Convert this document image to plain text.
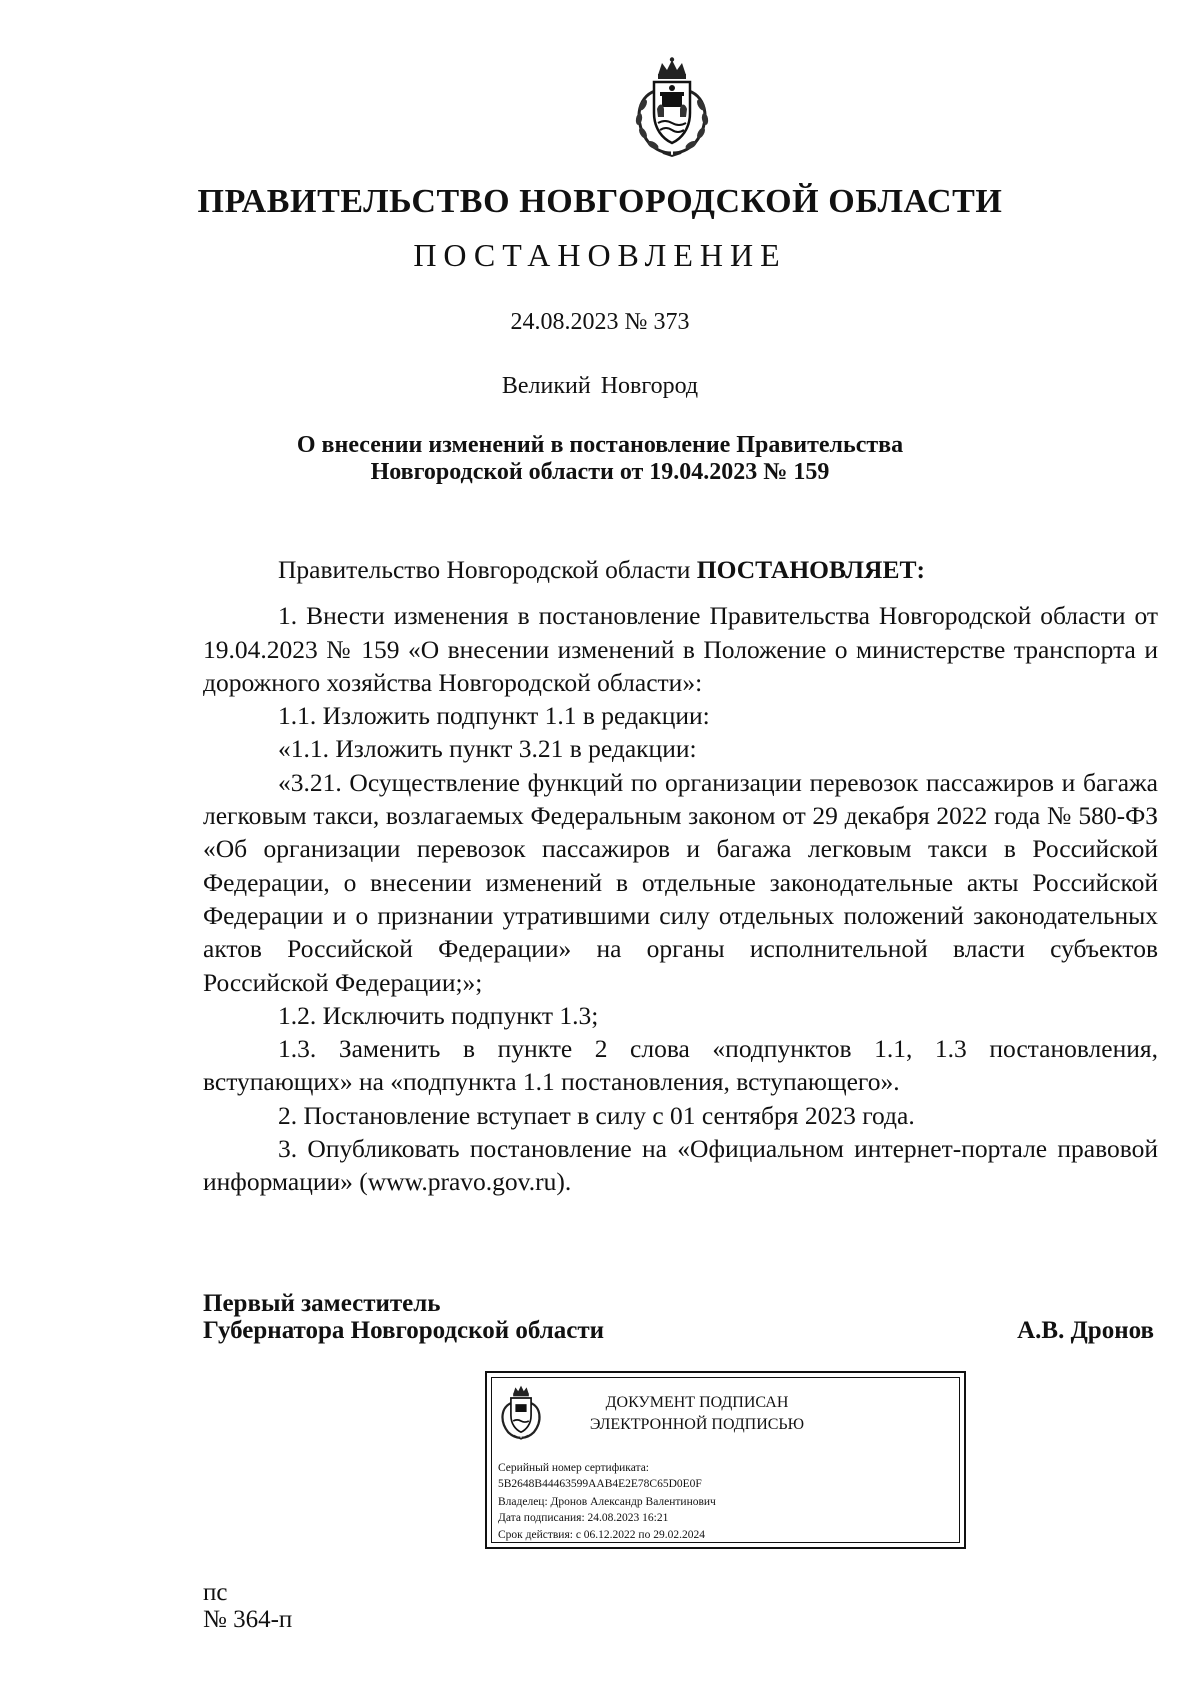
ПРАВИТЕЛЬСТВО НОВГОРОДСКОЙ ОБЛАСТИ
ПОСТАНОВЛЕНИЕ
24.08.2023 № 373
Великий Новгород
О внесении изменений в постановление Правительства
Новгородской области от 19.04.2023 № 159

Правительство Новгородской области ПОСТАНОВЛЯЕТ:

1. Внести изменения в постановление Правительства Новгородской области от 19.04.2023 № 159 «О внесении изменений в Положение о министерстве транспорта и дорожного хозяйства Новгородской области»:

1.1. Изложить подпункт 1.1 в редакции:

«1.1. Изложить пункт 3.21 в редакции:

«3.21. Осуществление функций по организации перевозок пассажиров и багажа легковым такси, возлагаемых Федеральным законом от 29 декабря 2022 года № 580-ФЗ «Об организации перевозок пассажиров и багажа легковым такси в Российской Федерации, о внесении изменений в отдельные законодательные акты Российской Федерации и о признании утратившими силу отдельных положений законодательных актов Российской Федерации» на органы исполнительной власти субъектов Российской Федерации;»;

1.2. Исключить подпункт 1.3;

1.3. Заменить в пункте 2 слова «подпунктов 1.1, 1.3 постановления, вступающих» на «подпункта 1.1 постановления, вступающего».

2. Постановление вступает в силу с 01 сентября 2023 года.

3. Опубликовать постановление на «Официальном интернет-портале правовой информации» (www.pravo.gov.ru).

Первый заместитель
Губернатора Новгородской области	А.В. Дронов
ДОКУМЕНТ ПОДПИСАН
ЭЛЕКТРОННОЙ ПОДПИСЬЮ
Серийный номер сертификата:
5B2648B44463599AAB4E2E78C65D0E0F
Владелец: Дронов Александр Валентинович
Дата подписания: 24.08.2023 16:21
Срок действия: с 06.12.2022 по 29.02.2024
пс
№ 364-п
